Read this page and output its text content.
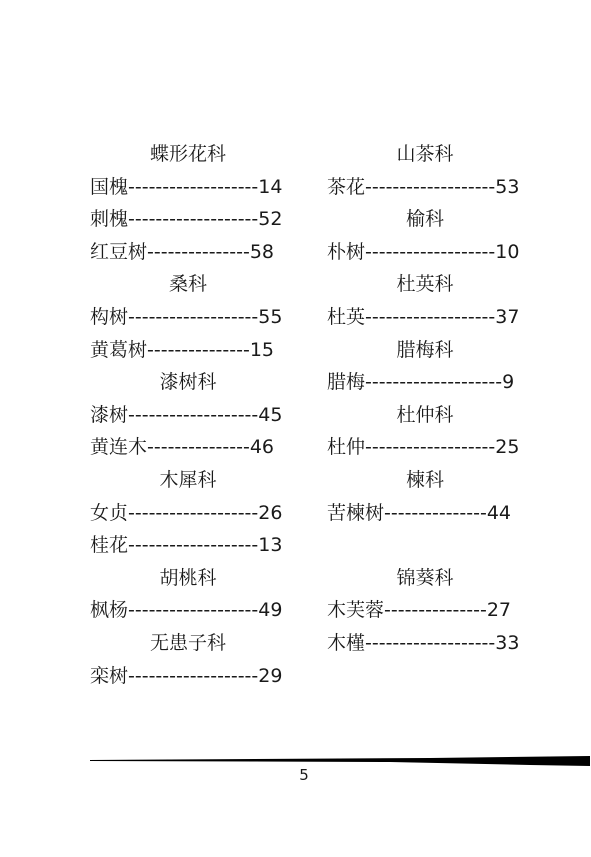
蝶形花科
国槐-------------------14
刺槐-------------------52
红豆树---------------58
桑科
构树-------------------55
黄葛树---------------15
漆树科
漆树-------------------45
黄连木---------------46
木犀科
女贞-------------------26
桂花-------------------13
胡桃科
枫杨-------------------49
无患子科
栾树-------------------29
山茶科
茶花-------------------53
榆科
朴树-------------------10
杜英科
杜英-------------------37
腊梅科
腊梅--------------------9
杜仲科
杜仲-------------------25
楝科
苦楝树---------------44
锦葵科
木芙蓉---------------27
木槿-------------------33
5
